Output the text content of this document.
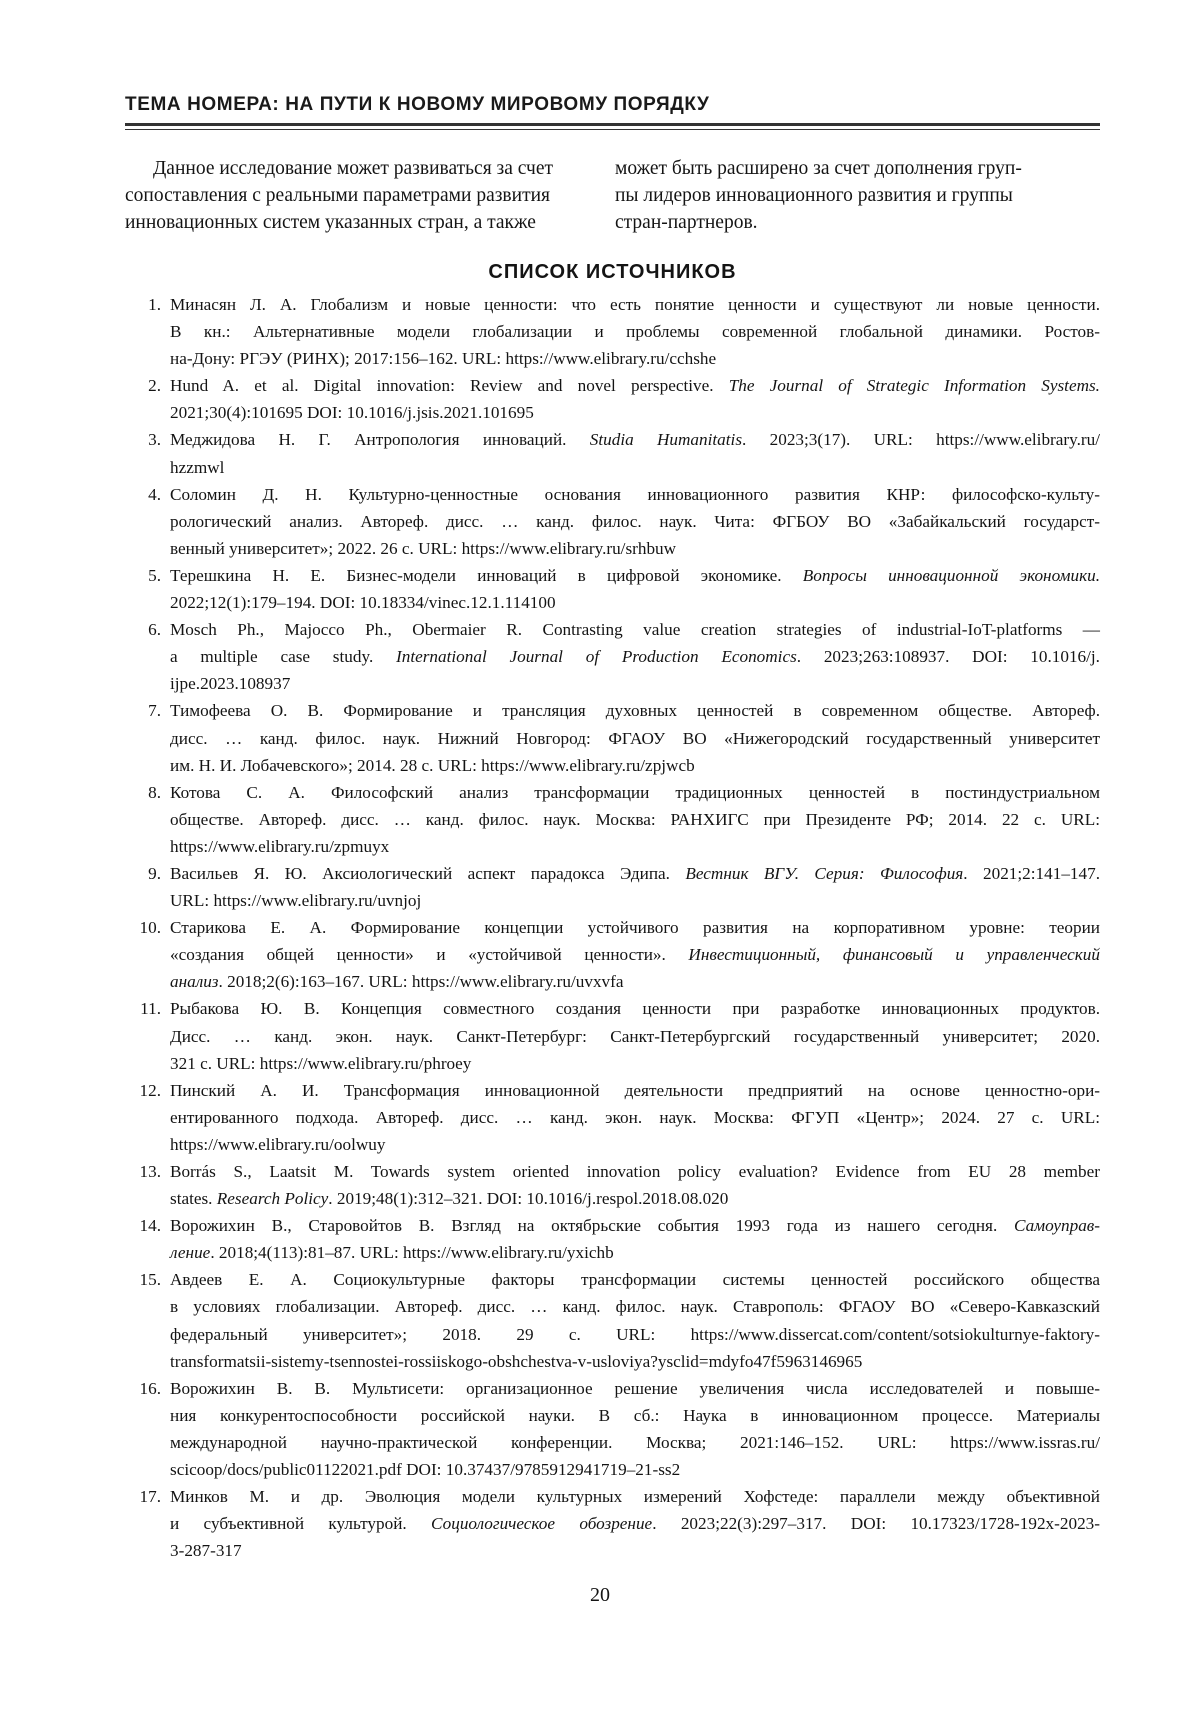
ТЕМА НОМЕРА: НА ПУТИ К НОВОМУ МИРОВОМУ ПОРЯДКУ
Данное исследование может развиваться за счет
сопоставления с реальными параметрами развития
инновационных систем указанных стран, а также
может быть расширено за счет дополнения груп-
пы лидеров инновационного развития и группы
стран-партнеров.
СПИСОК ИСТОЧНИКОВ
1. Минасян Л. А. Глобализм и новые ценности: что есть понятие ценности и существуют ли новые ценности.
В кн.: Альтернативные модели глобализации и проблемы современной глобальной динамики. Ростов-
на-Дону: РГЭУ (РИНХ); 2017:156–162. URL: https://www.elibrary.ru/cchshe
2. Hund A. et al. Digital innovation: Review and novel perspective. The Journal of Strategic Information Systems.
2021;30(4):101695 DOI: 10.1016/j.jsis.2021.101695
3. Меджидова Н. Г. Антропология инноваций. Studia Humanitatis. 2023;3(17). URL: https://www.elibrary.ru/
hzzmwl
4. Соломин Д. Н. Культурно-ценностные основания инновационного развития КНР: философско-культу-
рологический анализ. Автореф. дисс. … канд. филос. наук. Чита: ФГБОУ ВО «Забайкальский государст-
венный университет»; 2022. 26 с. URL: https://www.elibrary.ru/srhbuw
5. Терешкина Н. Е. Бизнес-модели инноваций в цифровой экономике. Вопросы инновационной экономики.
2022;12(1):179–194. DOI: 10.18334/vinec.12.1.114100
6. Mosch Ph., Majocco Ph., Obermaier R. Contrasting value creation strategies of industrial-IoT-platforms —
a multiple case study. International Journal of Production Economics. 2023;263:108937. DOI: 10.1016/j.
ijpe.2023.108937
7. Тимофеева О. В. Формирование и трансляция духовных ценностей в современном обществе. Автореф.
дисс. … канд. филос. наук. Нижний Новгород: ФГАОУ ВО «Нижегородский государственный университет
им. Н. И. Лобачевского»; 2014. 28 с. URL: https://www.elibrary.ru/zpjwcb
8. Котова С. А. Философский анализ трансформации традиционных ценностей в постиндустриальном
обществе. Автореф. дисс. … канд. филос. наук. Москва: РАНХИГС при Президенте РФ; 2014. 22 с. URL:
https://www.elibrary.ru/zpmuyx
9. Васильев Я. Ю. Аксиологический аспект парадокса Эдипа. Вестник ВГУ. Серия: Философия. 2021;2:141–147.
URL: https://www.elibrary.ru/uvnjoj
10. Старикова Е. А. Формирование концепции устойчивого развития на корпоративном уровне: теории
«создания общей ценности» и «устойчивой ценности». Инвестиционный, финансовый и управленческий
анализ. 2018;2(6):163–167. URL: https://www.elibrary.ru/uvxvfa
11. Рыбакова Ю. В. Концепция совместного создания ценности при разработке инновационных продуктов.
Дисс. … канд. экон. наук. Санкт-Петербург: Санкт-Петербургский государственный университет; 2020.
321 с. URL: https://www.elibrary.ru/phroey
12. Пинский А. И. Трансформация инновационной деятельности предприятий на основе ценностно-ори-
ентированного подхода. Автореф. дисс. … канд. экон. наук. Москва: ФГУП «Центр»; 2024. 27 с. URL:
https://www.elibrary.ru/oolwuy
13. Borrás S., Laatsit M. Towards system oriented innovation policy evaluation? Evidence from EU 28 member
states. Research Policy. 2019;48(1):312–321. DOI: 10.1016/j.respol.2018.08.020
14. Ворожихин В., Старовойтов В. Взгляд на октябрьские события 1993 года из нашего сегодня. Самоуправ-
ление. 2018;4(113):81–87. URL: https://www.elibrary.ru/yxichb
15. Авдеев Е. А. Социокультурные факторы трансформации системы ценностей российского общества
в условиях глобализации. Автореф. дисс. … канд. филос. наук. Ставрополь: ФГАОУ ВО «Северо-Кавказский
федеральный университет»; 2018. 29 с. URL: https://www.dissercat.com/content/sotsiokulturnye-faktory-
transformatsii-sistemy-tsennostei-rossiiskogo-obshchestva-v-usloviya?ysclid=mdyfo47f5963146965
16. Ворожихин В. В. Мультисети: организационное решение увеличения числа исследователей и повыше-
ния конкурентоспособности российской науки. В сб.: Наука в инновационном процессе. Материалы
международной научно-практической конференции. Москва; 2021:146–152. URL: https://www.issras.ru/
scicoop/docs/public01122021.pdf DOI: 10.37437/9785912941719–21-ss2
17. Минков М. и др. Эволюция модели культурных измерений Хофстеде: параллели между объективной
и субъективной культурой. Социологическое обозрение. 2023;22(3):297–317. DOI: 10.17323/1728-192x-2023-
3-287-317
20
